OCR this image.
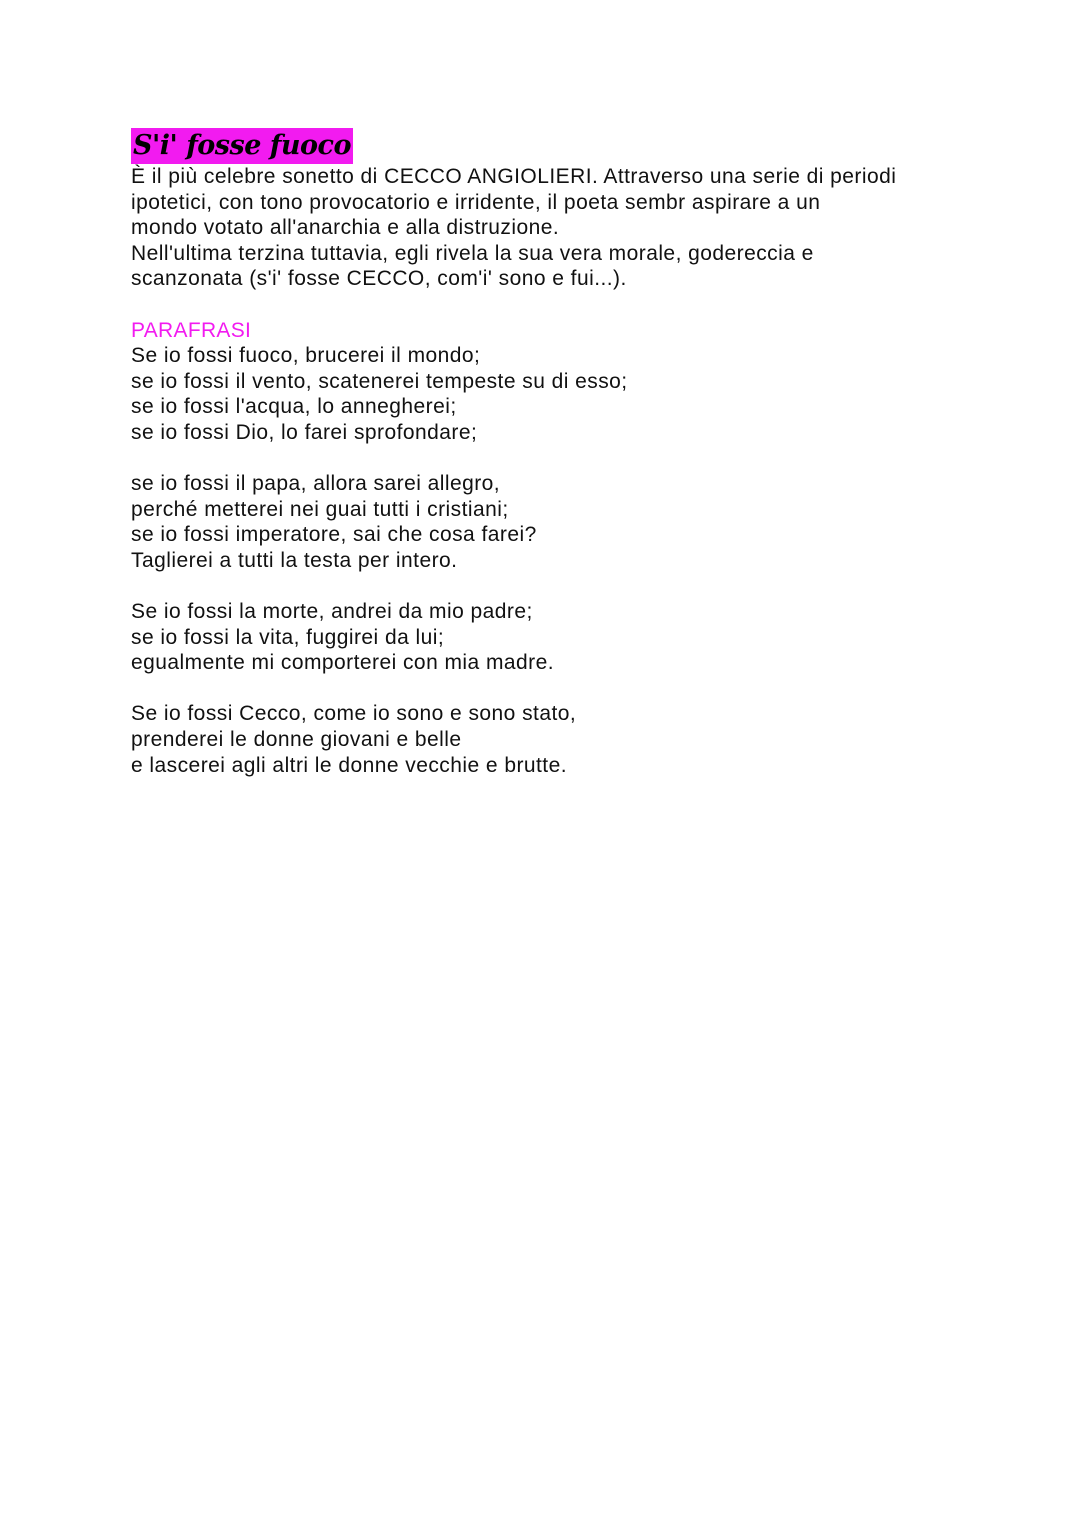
S'i' fosse fuoco
È il più celebre sonetto di CECCO ANGIOLIERI. Attraverso una serie di periodi
ipotetici, con tono provocatorio e irridente, il poeta sembr aspirare a un
mondo votato all'anarchia e alla distruzione.
Nell'ultima terzina tuttavia, egli rivela la sua vera morale, godereccia e
scanzonata (s'i' fosse CECCO, com'i' sono e fui...).
PARAFRASI
Se io fossi fuoco, brucerei il mondo;
se io fossi il vento, scatenerei tempeste su di esso;
se io fossi l'acqua, lo annegherei;
se io fossi Dio, lo farei sprofondare;
se io fossi il papa, allora sarei allegro,
perché metterei nei guai tutti i cristiani;
se io fossi imperatore, sai che cosa farei?
Taglierei a tutti la testa per intero.
Se io fossi la morte, andrei da mio padre;
se io fossi la vita, fuggirei da lui;
egualmente mi comporterei con mia madre.
Se io fossi Cecco, come io sono e sono stato,
prenderei le donne giovani e belle
e lascerei agli altri le donne vecchie e brutte.
